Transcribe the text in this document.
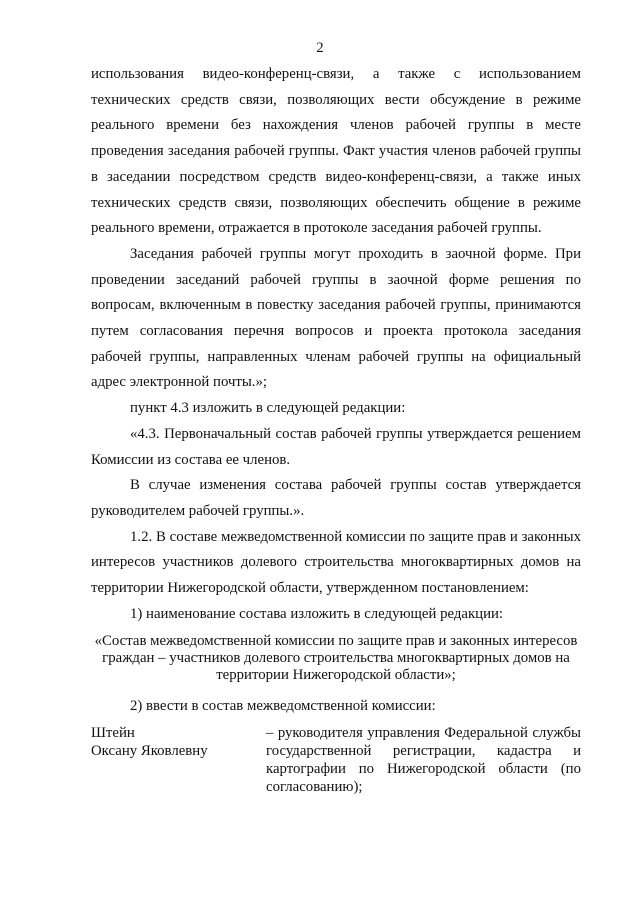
2

использования видео-конференц-связи, а также с использованием технических средств связи, позволяющих вести обсуждение в режиме реального времени без нахождения членов рабочей группы в месте проведения заседания рабочей группы. Факт участия членов рабочей группы в заседании посредством средств видео-конференц-связи, а также иных технических средств связи, позволяющих обеспечить общение в режиме реального времени, отражается в протоколе заседания рабочей группы.

Заседания рабочей группы могут проходить в заочной форме. При проведении заседаний рабочей группы в заочной форме решения по вопросам, включенным в повестку заседания рабочей группы, принимаются путем согласования перечня вопросов и проекта протокола заседания рабочей группы, направленных членам рабочей группы на официальный адрес электронной почты.»;

пункт 4.3 изложить в следующей редакции:

«4.3. Первоначальный состав рабочей группы утверждается решением Комиссии из состава ее членов.

В случае изменения состава рабочей группы состав утверждается руководителем рабочей группы.».

1.2. В составе межведомственной комиссии по защите прав и законных интересов участников долевого строительства многоквартирных домов на территории Нижегородской области, утвержденном постановлением:

1) наименование состава изложить в следующей редакции:

«Состав межведомственной комиссии по защите прав и законных интересов граждан – участников долевого строительства многоквартирных домов на территории Нижегородской области»;

2) ввести в состав межведомственной комиссии:

Штейн
Оксану Яковлевну
– руководителя управления Федеральной службы государственной регистрации, кадастра и картографии по Нижегородской области (по согласованию);
